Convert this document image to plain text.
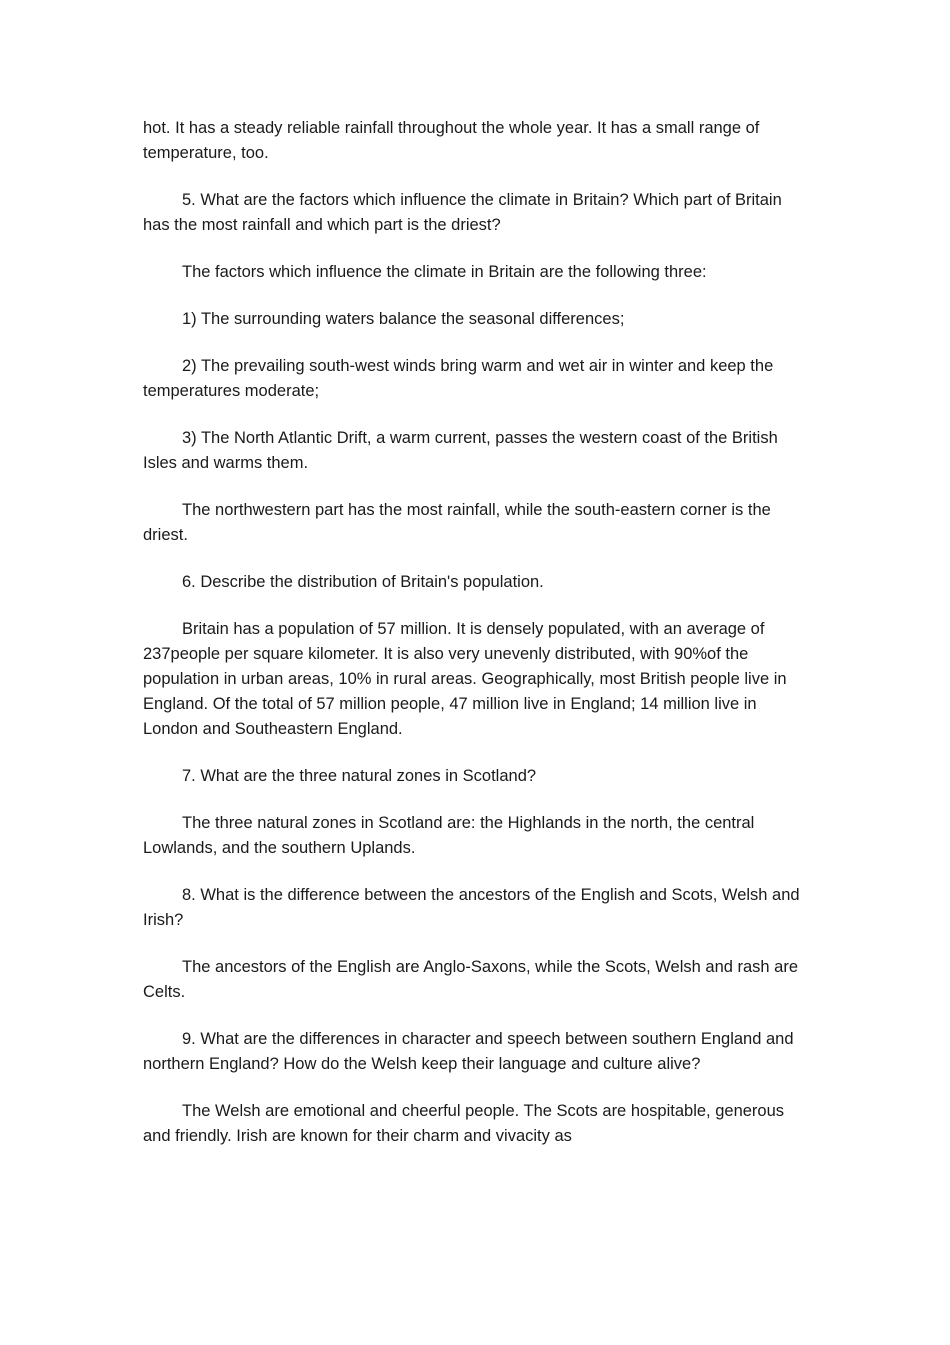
hot. It has a steady reliable rainfall throughout the whole year. It has a small range of temperature, too.

5. What are the factors which influence the climate in Britain? Which part of Britain has the most rainfall and which part is the driest?

The factors which influence the climate in Britain are the following three:

1) The surrounding waters balance the seasonal differences;

2) The prevailing south-west winds bring warm and wet air in winter and keep the temperatures moderate;

3) The North Atlantic Drift, a warm current, passes the western coast of the British Isles and warms them.

The northwestern part has the most rainfall, while the south-eastern corner is the driest.

6. Describe the distribution of Britain's population.

Britain has a population of 57 million. It is densely populated, with an average of 237people per square kilometer. It is also very unevenly distributed, with 90%of the population in urban areas, 10% in rural areas. Geographically, most British people live in England. Of the total of 57 million people, 47 million live in England; 14 million live in London and Southeastern England.

7. What are the three natural zones in Scotland?

The three natural zones in Scotland are: the Highlands in the north, the central Lowlands, and the southern Uplands.

8. What is the difference between the ancestors of the English and Scots, Welsh and Irish?

The ancestors of the English are Anglo-Saxons, while the Scots, Welsh and rash are Celts.

9. What are the differences in character and speech between southern England and northern England? How do the Welsh keep their language and culture alive?

The Welsh are emotional and cheerful people. The Scots are hospitable, generous and friendly. Irish are known for their charm and vivacity as
